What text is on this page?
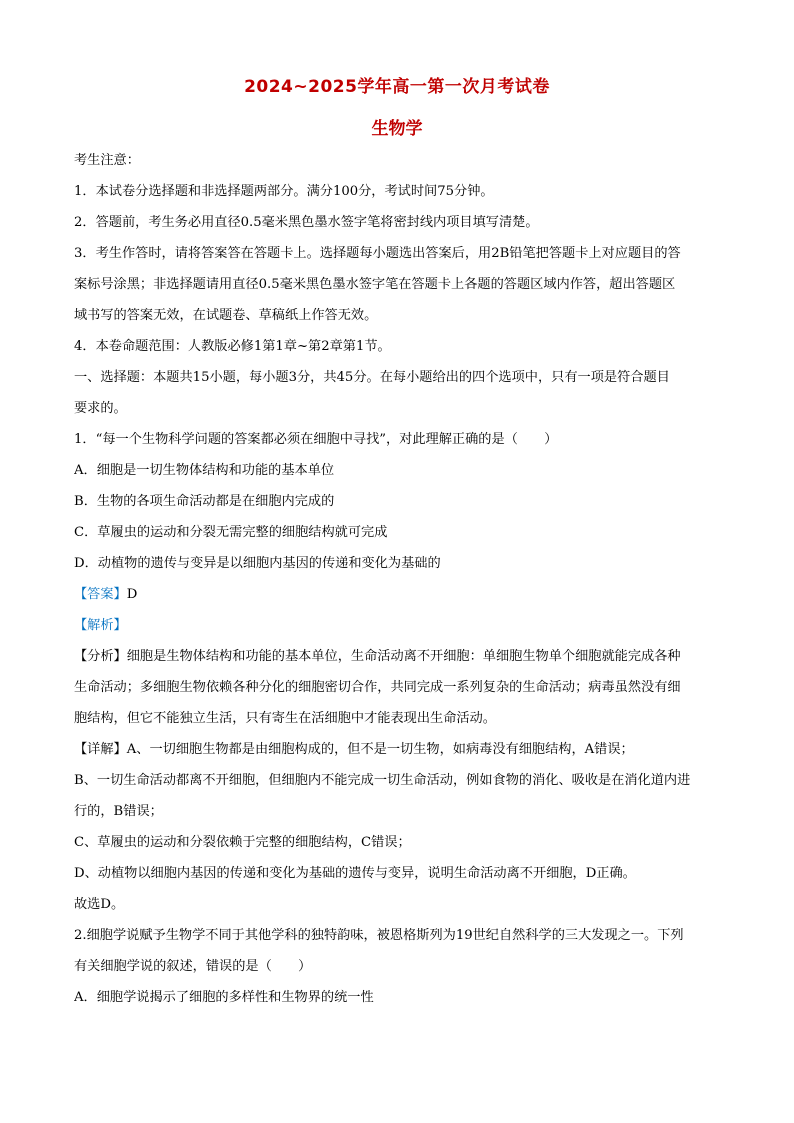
2024~2025学年高一第一次月考试卷
生物学
考生注意：
1．本试卷分选择题和非选择题两部分。满分100分，考试时间75分钟。
2．答题前，考生务必用直径0.5毫米黑色墨水签字笔将密封线内项目填写清楚。
3．考生作答时，请将答案答在答题卡上。选择题每小题选出答案后，用2B铅笔把答题卡上对应题目的答
案标号涂黑；非选择题请用直径0.5毫米黑色墨水签字笔在答题卡上各题的答题区域内作答，超出答题区
域书写的答案无效，在试题卷、草稿纸上作答无效。
4．本卷命题范围：人教版必修1第1章~第2章第1节。
一、选择题：本题共15小题，每小题3分，共45分。在每小题给出的四个选项中，只有一项是符合题目
要求的。
1．“每一个生物科学问题的答案都必须在细胞中寻找”，对此理解正确的是（　　）
A．细胞是一切生物体结构和功能的基本单位
B．生物的各项生命活动都是在细胞内完成的
C．草履虫的运动和分裂无需完整的细胞结构就可完成
D．动植物的遗传与变异是以细胞内基因的传递和变化为基础的
【答案】D
【解析】
【分析】细胞是生物体结构和功能的基本单位，生命活动离不开细胞：单细胞生物单个细胞就能完成各种
生命活动；多细胞生物依赖各种分化的细胞密切合作，共同完成一系列复杂的生命活动；病毒虽然没有细
胞结构，但它不能独立生活，只有寄生在活细胞中才能表现出生命活动。
【详解】A、一切细胞生物都是由细胞构成的，但不是一切生物，如病毒没有细胞结构，A错误；
B、一切生命活动都离不开细胞，但细胞内不能完成一切生命活动，例如食物的消化、吸收是在消化道内进
行的，B错误；
C、草履虫的运动和分裂依赖于完整的细胞结构，C错误；
D、动植物以细胞内基因的传递和变化为基础的遗传与变异，说明生命活动离不开细胞，D正确。
故选D。
2.细胞学说赋予生物学不同于其他学科的独特韵味，被恩格斯列为19世纪自然科学的三大发现之一。下列
有关细胞学说的叙述，错误的是（　　）
A．细胞学说揭示了细胞的多样性和生物界的统一性
